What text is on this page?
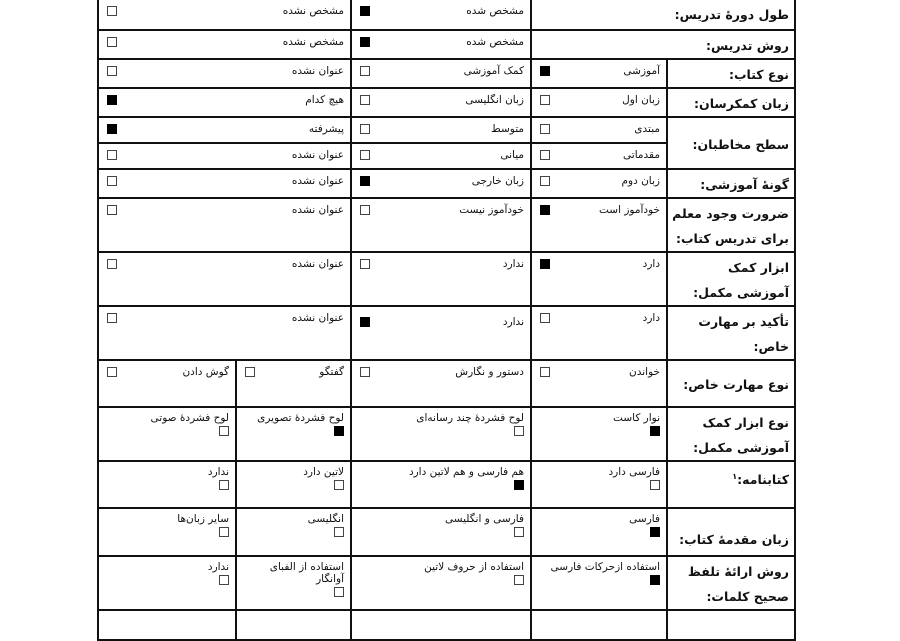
طول دورهٔ تدریس:		مشخص شده	مشخص نشده	

روش تدریس:		مشخص شده	مشخص نشده	

نوع کتاب:	آموزشی	کمک آموزشی	عنوان نشده	

زبان کمکرسان:	زبان اول	زبان انگلیسی	هیچ کدام	

سطح مخاطبان:	مبتدی	متوسط	پیشرفته	

	مقدماتی	میانی	عنوان نشده	

گونهٔ آموزشی:	زبان دوم	زبان خارجی	عنوان نشده	

ضرورت وجود معلم برای تدریس کتاب:	خودآموز است	خودآموز نیست	عنوان نشده	

ابزار کمک آموزشی مکمل:	دارد	ندارد	عنوان نشده	

تأکید بر مهارت خاص:	دارد	ندارد	عنوان نشده	

نوع مهارت خاص:	خواندن	دستور و نگارش	گفتگو	گوش دادن

نوع ابزار کمک آموزشی مکمل:	نوار کاست	لوح فشردهٔ چند رسانه‌ای	لوح فشردهٔ تصویری	لوح فشردهٔ صوتی

کتابنامه:$^۱$	فارسی دارد	هم فارسی و هم لاتین دارد	لاتین دارد	ندارد

زبان مقدمهٔ کتاب:	فارسی	فارسی و انگلیسی	انگلیسی	سایر زبان‌ها

روش ارائهٔ تلفظ صحیح کلمات:	استفاده ازحرکات فارسی	استفاده از حروف لاتین	استفاده از الفبای آوانگار	ندارد
